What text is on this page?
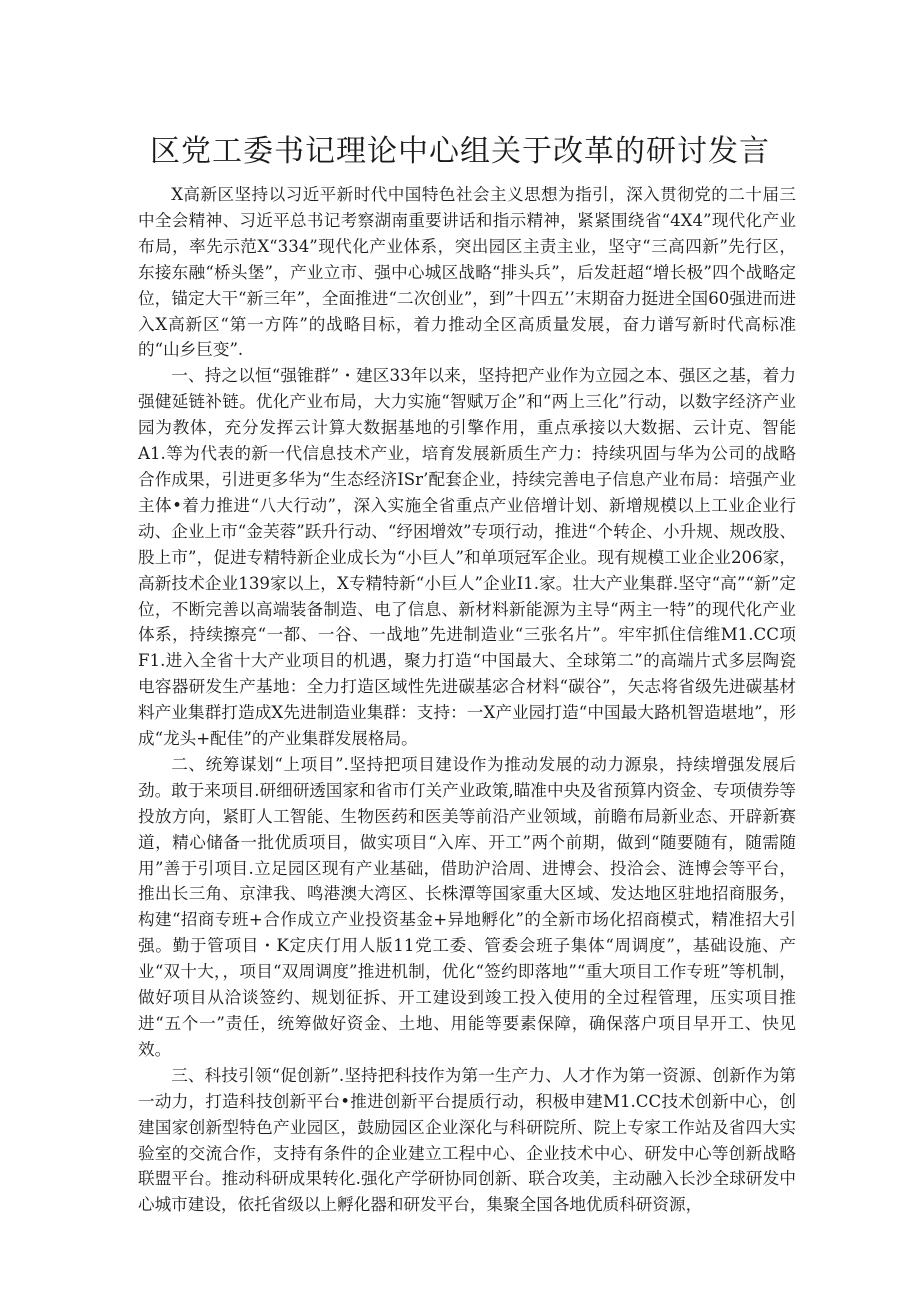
区党工委书记理论中心组关于改革的研讨发言

X高新区坚持以习近平新时代中国特色社会主义思想为指引，深入贯彻党的二十届三中全会精神、习近平总书记考察湖南重要讲话和指示精神，紧紧围绕省“4X4”现代化产业布局，率先示范X“334”现代化产业体系，突出园区主责主业，坚守“三高四新”先行区，东接东融“桥头堡”，产业立市、强中心城区战略“排头兵”，后发赶超“增长极”四个战略定位，锚定大干“新三年”，全面推进“二次创业”，到”十四五’’末期奋力挺进全国60强进而进入X高新区“第一方阵”的战略目标，着力推动全区高质量发展，奋力谱写新时代高标准的“山乡巨变”.

一、持之以恒“强锥群”・建区33年以来，坚持把产业作为立园之本、强区之基，着力强健延链补链。优化产业布局，大力实施“智赋万企”和“两上三化”行动，以数字经济产业园为教体，充分发挥云计算大数据基地的引擎作用，重点承接以大数据、云计克、智能A1.等为代表的新一代信息技术产业，培育发展新质生产力：持续巩固与华为公司的战略合作成果，引进更多华为“生态经济ISr’配套企业，持续完善电子信息产业布局：培强产业主体•着力推进“八大行动”，深入实施全省重点产业倍增计划、新增规模以上工业企业行动、企业上市“金芙蓉”跃升行动、“纾困增效”专项行动，推进“个转企、小升规、规改股、股上市”，促进专精特新企业成长为“小巨人”和单项冠军企业。现有规模工业企业206家，高新技术企业139家以上，X专精特新“小巨人”企业I1.家。壮大产业集群.坚守“高”“新”定位，不断完善以高端装备制造、电了信息、新材料新能源为主导“两主一特”的现代化产业体系，持续擦亮“一都、一谷、一战地”先进制造业“三张名片”。牢牢抓住信维M1.CC项F1.进入全省十大产业项目的机遇，聚力打造“中国最大、全球第二”的高端片式多层陶瓷电容器研发生产基地：全力打造区域性先进碳基宓合材料“碳谷”，矢志将省级先进碳基材料产业集群打造成X先进制造业集群：支持：一X产业园打造“中国最大路机智造堪地”，形成“龙头+配佳”的产业集群发展格局。

二、统筹谋划“上项目”.坚持把项目建设作为推动发展的动力源泉，持续增强发展后劲。敢于来项目.研细研透国家和省市仃关产业政策,瞄准中央及省预算内资金、专项债券等投放方向，紧盯人工智能、生物医药和医美等前沿产业领域，前瞻布局新业态、开辟新赛道，精心储备一批优质项目，做实项目“入库、开工”两个前期，做到“随要随有，随需随用”善于引项目.立足园区现有产业基础，借助沪洽周、进博会、投洽会、涟博会等平台，推出长三角、京津我、鸣港澳大湾区、长株潭等国家重大区域、发达地区驻地招商服务，构建“招商专班+合作成立产业投资基金+异地孵化”的全新市场化招商模式，精准招大引强。勤于管项目・K定庆仃用人版11党工委、管委会班子集体“周调度”，基础设施、产业“双十大，，项目“双周调度”推进机制，优化“签约即落地”“重大项目工作专班”等机制，做好项目从洽谈签约、规划征拆、开工建设到竣工投入使用的全过程管理，压实项目推进“五个一”责任，统筹做好资金、土地、用能等要素保障，确保落户项目早开工、快见效。

三、科技引领“促创新”.坚持把科技作为第一生产力、人才作为第一资源、创新作为第一动力，打造科技创新平台•推进创新平台提质行动，积极申建M1.CC技术创新中心，创建国家创新型特色产业园区，鼓励园区企业深化与科研院所、院上专家工作站及省四大实验室的交流合作，支持有条件的企业建立工程中心、企业技术中心、研发中心等创新战略联盟平台。推动科研成果转化.强化产学研协同创新、联合攻美，主动融入长沙全球研发中心城市建设，依托省级以上孵化器和研发平台，集聚全国各地优质科研资源，
